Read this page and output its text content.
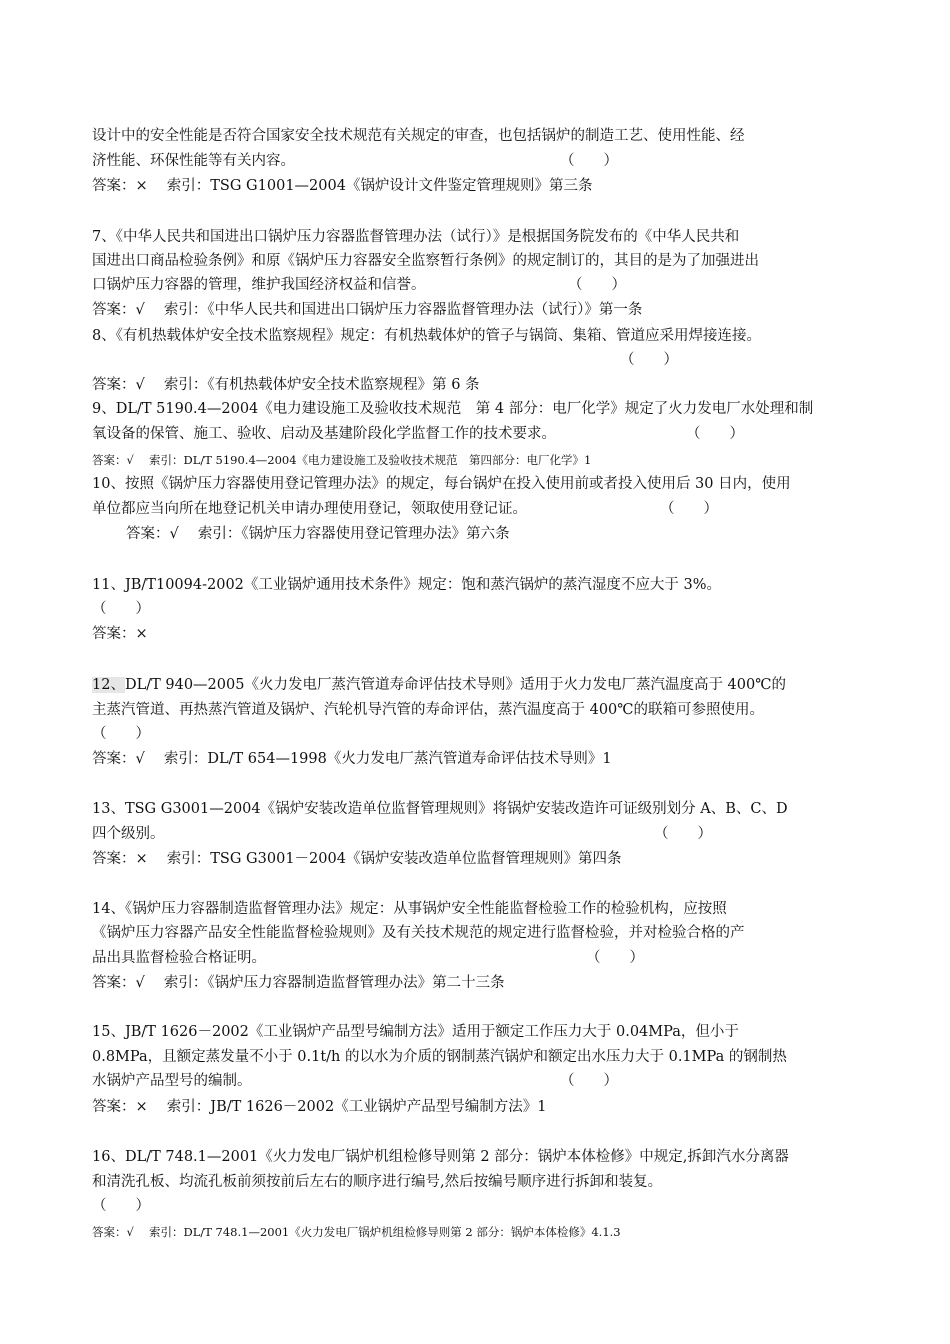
设计中的安全性能是否符合国家安全技术规范有关规定的审查，也包括锅炉的制造工艺、使用性能、经
济性能、环保性能等有关内容。	（　　）
答案：×　 索引：TSG G1001—2004《锅炉设计文件鉴定管理规则》第三条
7、《中华人民共和国进出口锅炉压力容器监督管理办法（试行）》是根据国务院发布的《中华人民共和
国进出口商品检验条例》和原《锅炉压力容器安全监察暂行条例》的规定制订的，其目的是为了加强进出
口锅炉压力容器的管理，维护我国经济权益和信誉。	（　　）
答案：√　 索引：《中华人民共和国进出口锅炉压力容器监督管理办法（试行）》第一条
8、《有机热载体炉安全技术监察规程》规定：有机热载体炉的管子与锅筒、集箱、管道应采用焊接连接。
（　　）
答案：√　 索引：《有机热载体炉安全技术监察规程》第 6 条
9、DL/T 5190.4—2004《电力建设施工及验收技术规范　第 4 部分：电厂化学》规定了火力发电厂水处理和制
氧设备的保管、施工、验收、启动及基建阶段化学监督工作的技术要求。	（　　）
答案：√　 索引：DL/T 5190.4—2004《电力建设施工及验收技术规范　第四部分：电厂化学》1
10、按照《锅炉压力容器使用登记管理办法》的规定，每台锅炉在投入使用前或者投入使用后 30 日内，使用
单位都应当向所在地登记机关申请办理使用登记，领取使用登记证。	（　　）
答案：√　 索引：《锅炉压力容器使用登记管理办法》第六条
11、JB/T10094-2002《工业锅炉通用技术条件》规定：饱和蒸汽锅炉的蒸汽湿度不应大于 3%。
（　　）
答案：×
12、DL/T 940—2005《火力发电厂蒸汽管道寿命评估技术导则》适用于火力发电厂蒸汽温度高于 400℃的
主蒸汽管道、再热蒸汽管道及锅炉、汽轮机导汽管的寿命评估，蒸汽温度高于 400℃的联箱可参照使用。
（　　）
答案：√　 索引：DL/T 654—1998《火力发电厂蒸汽管道寿命评估技术导则》1
13、TSG G3001—2004《锅炉安装改造单位监督管理规则》将锅炉安装改造许可证级别划分 A、B、C、D
四个级别。	（　　）
答案：×　 索引：TSG G3001－2004《锅炉安装改造单位监督管理规则》第四条
14、《锅炉压力容器制造监督管理办法》规定：从事锅炉安全性能监督检验工作的检验机构，应按照
《锅炉压力容器产品安全性能监督检验规则》及有关技术规范的规定进行监督检验，并对检验合格的产
品出具监督检验合格证明。	（　　）
答案：√　 索引：《锅炉压力容器制造监督管理办法》第二十三条
15、JB/T 1626－2002《工业锅炉产品型号编制方法》适用于额定工作压力大于 0.04MPa，但小于
0.8MPa，且额定蒸发量不小于 0.1t/h 的以水为介质的钢制蒸汽锅炉和额定出水压力大于 0.1MPa 的钢制热
水锅炉产品型号的编制。	（　　）
答案：×　 索引：JB/T 1626－2002《工业锅炉产品型号编制方法》1
16、DL/T 748.1—2001《火力发电厂锅炉机组检修导则第 2 部分：锅炉本体检修》中规定,拆卸汽水分离器
和清洗孔板、均流孔板前须按前后左右的顺序进行编号,然后按编号顺序进行拆卸和装复。
（　　）
答案：√　 索引：DL/T 748.1—2001《火力发电厂锅炉机组检修导则第 2 部分：锅炉本体检修》4.1.3
